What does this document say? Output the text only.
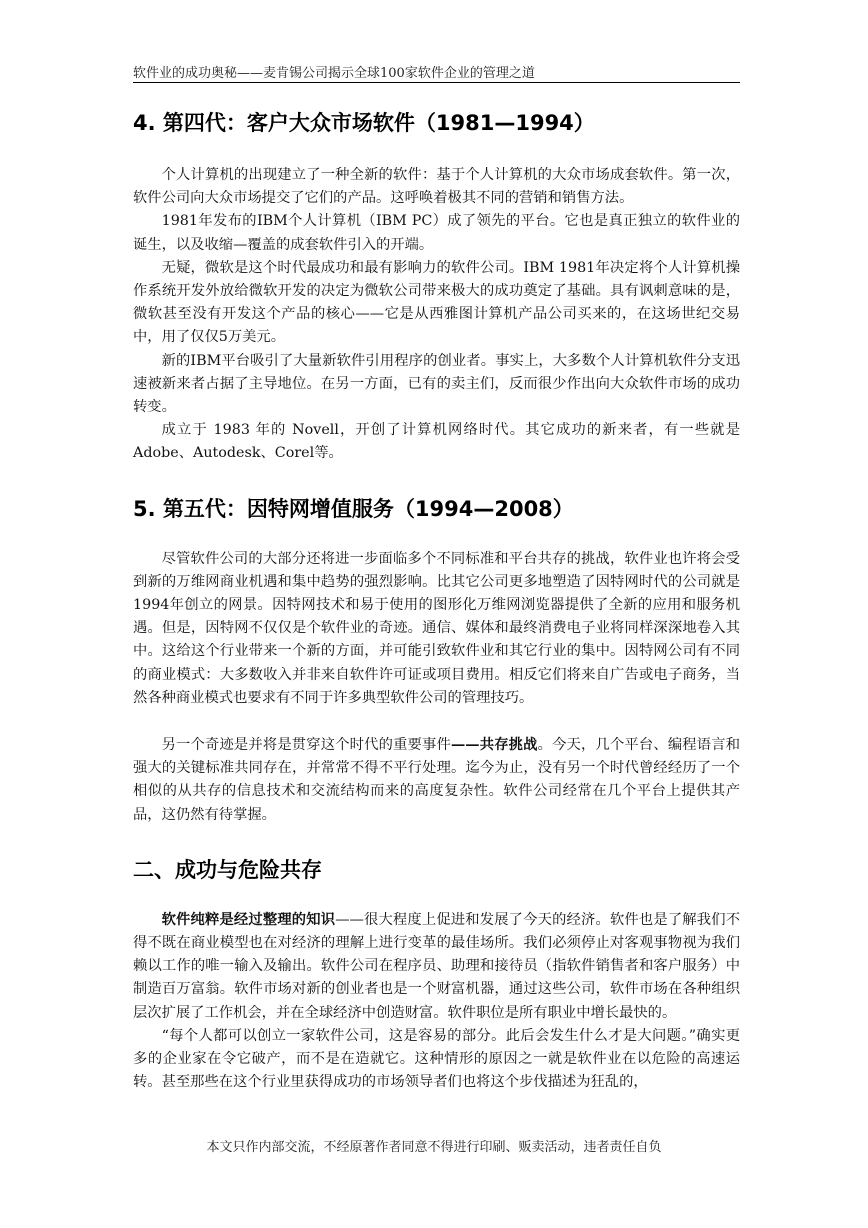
软件业的成功奥秘——麦肯锡公司揭示全球100家软件企业的管理之道
4. 第四代：客户大众市场软件（1981—1994）

个人计算机的出现建立了一种全新的软件：基于个人计算机的大众市场成套软件。第一次，软件公司向大众市场提交了它们的产品。这呼唤着极其不同的营销和销售方法。

1981年发布的IBM个人计算机（IBM PC）成了领先的平台。它也是真正独立的软件业的诞生，以及收缩—覆盖的成套软件引入的开端。

无疑，微软是这个时代最成功和最有影响力的软件公司。IBM 1981年决定将个人计算机操作系统开发外放给微软开发的决定为微软公司带来极大的成功奠定了基础。具有讽刺意味的是，微软甚至没有开发这个产品的核心——它是从西雅图计算机产品公司买来的，在这场世纪交易中，用了仅仅5万美元。

新的IBM平台吸引了大量新软件引用程序的创业者。事实上，大多数个人计算机软件分支迅速被新来者占据了主导地位。在另一方面，已有的卖主们，反而很少作出向大众软件市场的成功转变。

成立于 1983 年的 Novell，开创了计算机网络时代。其它成功的新来者，有一些就是Adobe、Autodesk、Corel等。

5. 第五代：因特网增值服务（1994—2008）

尽管软件公司的大部分还将进一步面临多个不同标准和平台共存的挑战，软件业也许将会受到新的万维网商业机遇和集中趋势的强烈影响。比其它公司更多地塑造了因特网时代的公司就是1994年创立的网景。因特网技术和易于使用的图形化万维网浏览器提供了全新的应用和服务机遇。但是，因特网不仅仅是个软件业的奇迹。通信、媒体和最终消费电子业将同样深深地卷入其中。这给这个行业带来一个新的方面，并可能引致软件业和其它行业的集中。因特网公司有不同的商业模式：大多数收入并非来自软件许可证或项目费用。相反它们将来自广告或电子商务，当然各种商业模式也要求有不同于许多典型软件公司的管理技巧。

另一个奇迹是并将是贯穿这个时代的重要事件——共存挑战。今天，几个平台、编程语言和强大的关键标准共同存在，并常常不得不平行处理。迄今为止，没有另一个时代曾经经历了一个相似的从共存的信息技术和交流结构而来的高度复杂性。软件公司经常在几个平台上提供其产品，这仍然有待掌握。

二、成功与危险共存

软件纯粹是经过整理的知识——很大程度上促进和发展了今天的经济。软件也是了解我们不得不既在商业模型也在对经济的理解上进行变革的最佳场所。我们必须停止对客观事物视为我们赖以工作的唯一输入及输出。软件公司在程序员、助理和接待员（指软件销售者和客户服务）中制造百万富翁。软件市场对新的创业者也是一个财富机器，通过这些公司，软件市场在各种组织层次扩展了工作机会，并在全球经济中创造财富。软件职位是所有职业中增长最快的。

“每个人都可以创立一家软件公司，这是容易的部分。此后会发生什么才是大问题。”确实更多的企业家在令它破产，而不是在造就它。这种情形的原因之一就是软件业在以危险的高速运转。甚至那些在这个行业里获得成功的市场领导者们也将这个步伐描述为狂乱的，

本文只作内部交流，不经原著作者同意不得进行印刷、贩卖活动，违者责任自负
